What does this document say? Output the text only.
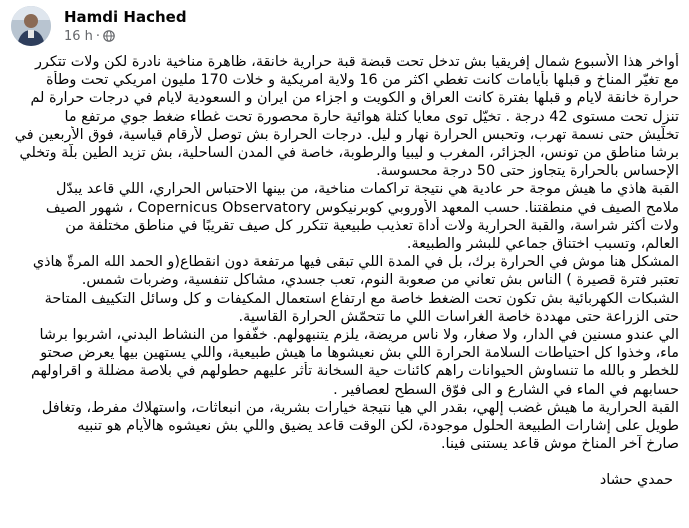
Hamdi Hached
16 h ·

أواخر هذا الأسبوع شمال إفريقيا بش تدخل تحت قبضة قبة حرارية خانقة، ظاهرة مناخية نادرة لكن ولات تتكرر

مع تغيّر المناخ و قبلها بأيامات كانت تغطي اكثر من 16 ولاية امريكية و خلات 170 مليون امريكي تحت وطأة

حرارة خانقة لايام و قبلها بفترة كانت العراق و الكويت و اجزاء من ايران و السعودية لايام في درجات حرارة لم

تنزل تحت مستوى 42 درجة . تخيّل توى معايا كتلة هوائية حارة محصورة تحت غطاء ضغط جوي مرتفع ما

تخلّيش حتى نسمة تهرب، وتحبس الحرارة نهار و ليل. درجات الحرارة بش توصل لأرقام قياسية، فوق الأربعين في

برشا مناطق من تونس، الجزائر، المغرب و ليبيا والرطوبة، خاصة في المدن الساحلية، بش تزيد الطين بلّة وتخلي

الإحساس بالحرارة يتجاوز حتى 50 درجة محسوسة.

القبة هاذي ما هيش موجة حر عادية هي نتيجة تراكمات مناخية، من بينها الاحتباس الحراري، اللي قاعد يبدّل

ملامح الصيف في منطقتنا. حسب المعهد الأوروبي كوبرنيكوس Copernicus Observatory ، شهور الصيف

ولات أكثر شراسة، والقبة الحرارية ولات أداة تعذيب طبيعية تتكرر كل صيف تقريبًا في مناطق مختلفة من

العالم، وتسبب اختناق جماعي للبشر والطبيعة.

المشكل هنا موش في الحرارة برك، بل في المدة اللي تبقى فيها مرتفعة دون انقطاع(و الحمد الله المرةّ هاذي

تعتبر فترة قصيرة ) الناس بش تعاني من صعوبة النوم، تعب جسدي، مشاكل تنفسية، وضربات شمس.

الشبكات الكهربائية بش تكون تحت الضغط خاصة مع ارتفاع استعمال المكيفات و كل وسائل التكييف المتاحة

حتى الزراعة حتى مهددة خاصة الغراسات اللي ما تتحمّش الحرارة القاسية.

الي عندو مسنين في الدار، ولا صغار، ولا ناس مريضة، يلزم يتنبهولهم. خفّفوا من النشاط البدني، اشربوا برشا

ماء، وخذوا كل احتياطات السلامة الحرارة اللي بش نعيشوها ما هيش طبيعية، واللي يستهين بيها يعرض صحتو

للخطر و بالله ما تنساوش الحيوانات راهم كائنات حية السخانة تأثر عليهم حطولهم في بلاصة مضللة و اقراولهم

حسابهم في الماء في الشارع و الى فوّق السطح لعصافير .

القبة الحرارية ما هيش غضب إلهي، بقدر الي هيا نتيجة خيارات بشرية، من انبعاثات، واستهلاك مفرط، وتغافل

طويل على إشارات الطبيعة الحلول موجودة، لكن الوقت قاعد يضيق واللي بش نعيشوه هالأيام هو تنبيه

صارخ آخر المناخ موش قاعد يستنى فينا.

حمدي حشاد
